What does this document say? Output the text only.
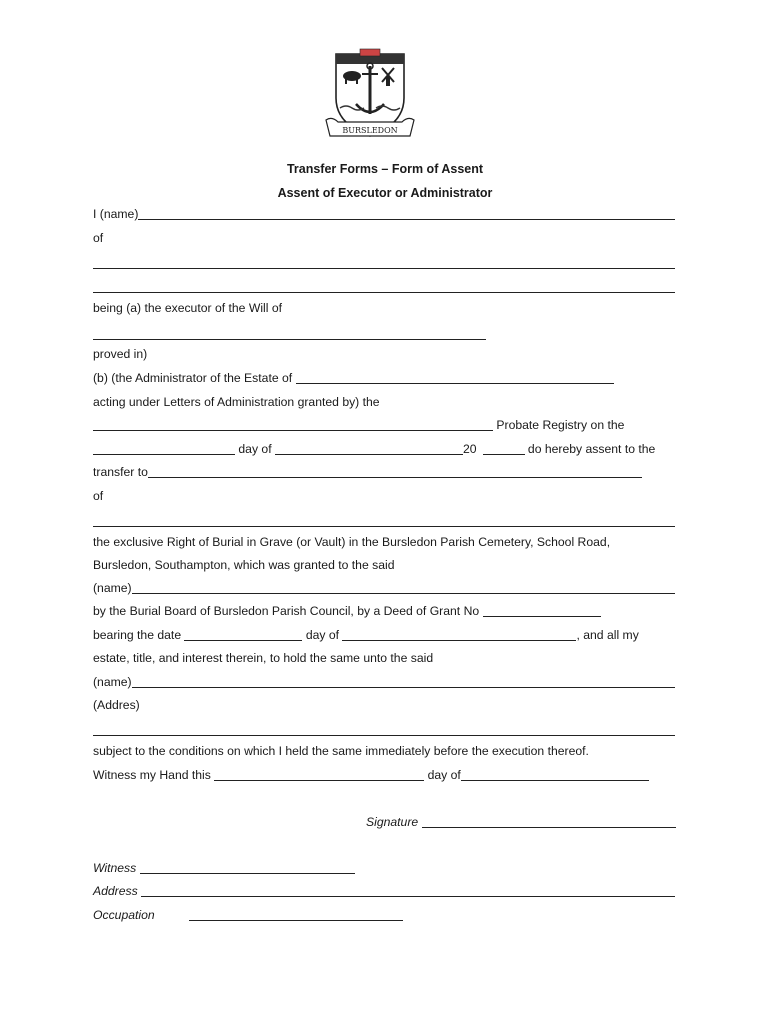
BURSLEDON
Transfer Forms – Form of Assent
Assent of Executor or Administrator
I (name)
of
being (a) the executor of the Will of
proved in)
(b) (the Administrator of the Estate of
acting under Letters of Administration granted by) the
Probate Registry on the
day of	20	do hereby assent to the
transfer to
of
the exclusive Right of Burial in Grave (or Vault) in the Bursledon Parish Cemetery, School Road,
Bursledon, Southampton, which was granted to the said
(name)
by the Burial Board of Bursledon Parish Council, by a Deed of Grant No
bearing the date	day of	, and all my
estate, title, and interest therein, to hold the same unto the said
(name)
(Addres)
subject to the conditions on which I held the same immediately before the execution thereof.
Witness my Hand this	day of
Signature
Witness
Address
Occupation
